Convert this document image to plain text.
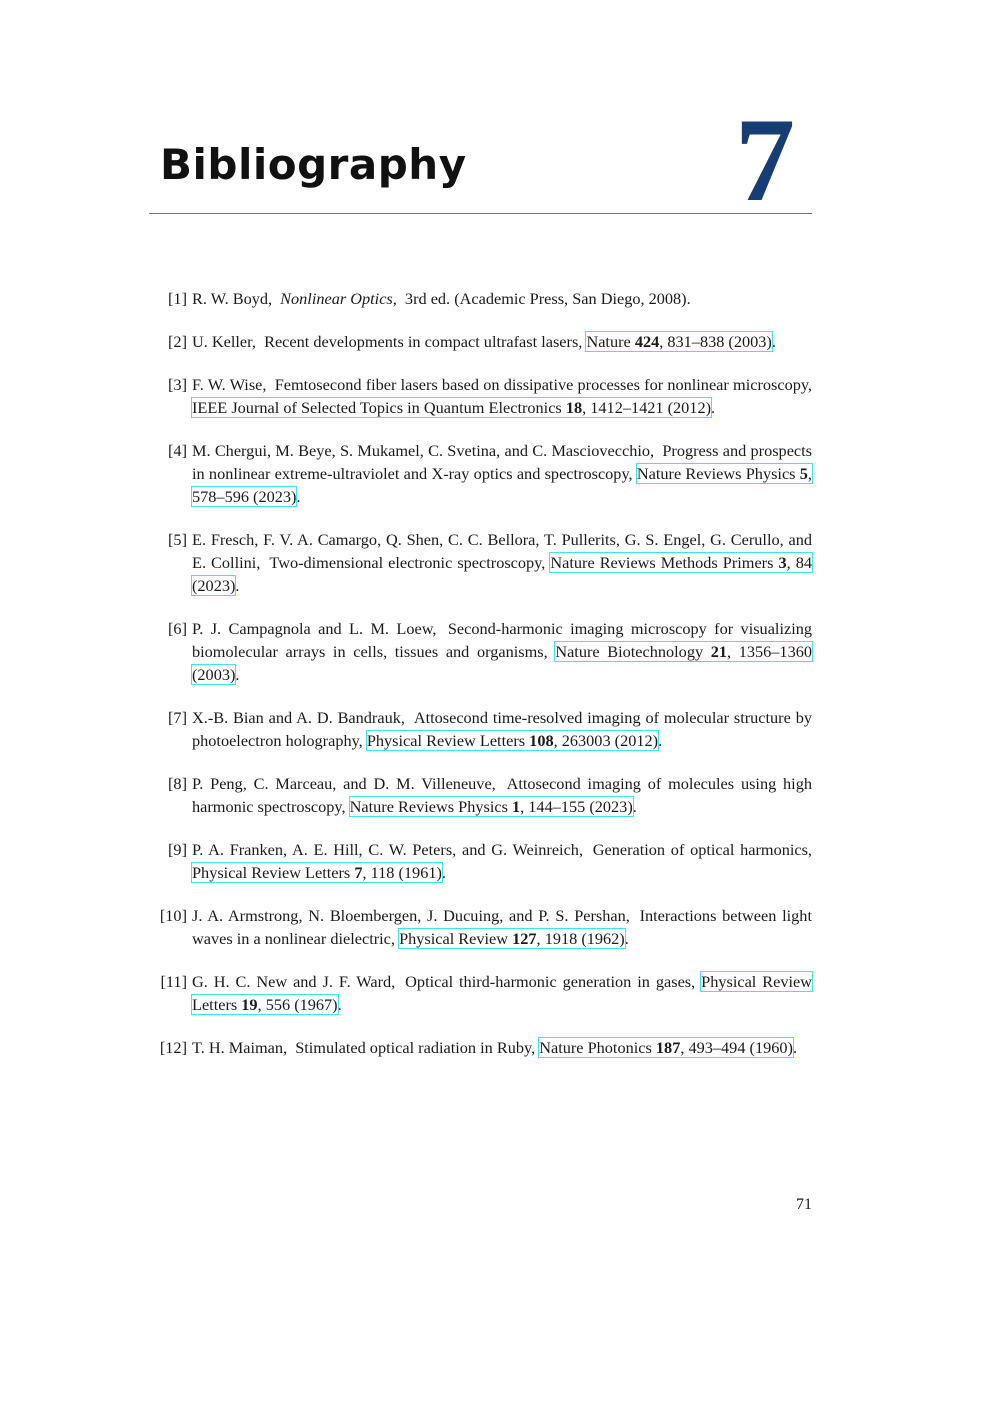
Bibliography 7
[1] R. W. Boyd, Nonlinear Optics, 3rd ed. (Academic Press, San Diego, 2008).
[2] U. Keller, Recent developments in compact ultrafast lasers, Nature 424, 831–838 (2003).
[3] F. W. Wise, Femtosecond fiber lasers based on dissipative processes for nonlinear microscopy, IEEE Journal of Selected Topics in Quantum Electronics 18, 1412–1421 (2012).
[4] M. Chergui, M. Beye, S. Mukamel, C. Svetina, and C. Masciovecchio, Progress and prospects in nonlinear extreme-ultraviolet and X-ray optics and spectroscopy, Nature Reviews Physics 5, 578–596 (2023).
[5] E. Fresch, F. V. A. Camargo, Q. Shen, C. C. Bellora, T. Pullerits, G. S. Engel, G. Cerullo, and E. Collini, Two-dimensional electronic spectroscopy, Nature Reviews Methods Primers 3, 84 (2023).
[6] P. J. Campagnola and L. M. Loew, Second-harmonic imaging microscopy for visualizing biomolecular arrays in cells, tissues and organisms, Nature Biotechnology 21, 1356–1360 (2003).
[7] X.-B. Bian and A. D. Bandrauk, Attosecond time-resolved imaging of molecular structure by photoelectron holography, Physical Review Letters 108, 263003 (2012).
[8] P. Peng, C. Marceau, and D. M. Villeneuve, Attosecond imaging of molecules using high harmonic spectroscopy, Nature Reviews Physics 1, 144–155 (2023).
[9] P. A. Franken, A. E. Hill, C. W. Peters, and G. Weinreich, Generation of optical harmonics, Physical Review Letters 7, 118 (1961).
[10] J. A. Armstrong, N. Bloembergen, J. Ducuing, and P. S. Pershan, Interactions between light waves in a nonlinear dielectric, Physical Review 127, 1918 (1962).
[11] G. H. C. New and J. F. Ward, Optical third-harmonic generation in gases, Physical Review Letters 19, 556 (1967).
[12] T. H. Maiman, Stimulated optical radiation in Ruby, Nature Photonics 187, 493–494 (1960).
71
